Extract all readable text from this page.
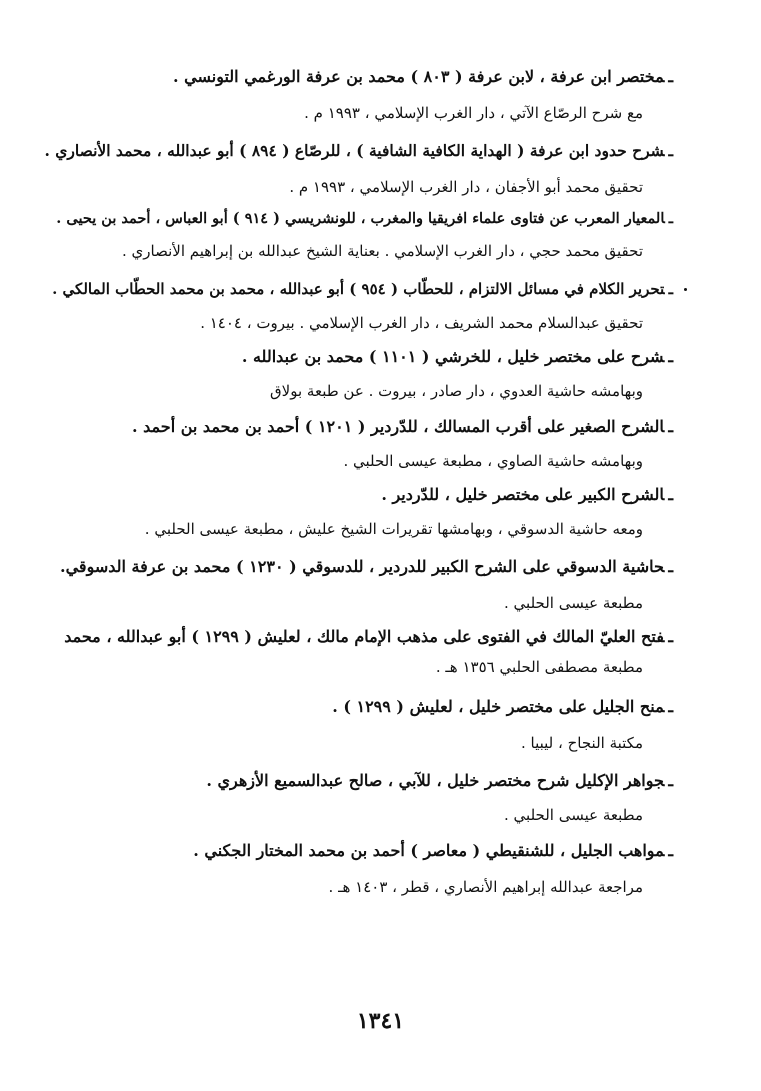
ـمختصر ابن عرفة ، لابن عرفة ( ٨٠٣ ) محمد بن عرفة الورغمي التونسي .
مع شرح الرصّاع الآتي ، دار الغرب الإسلامي ، ١٩٩٣ م .
ـشرح حدود ابن عرفة ( الهداية الكافية الشافية ) ، للرصّاع ( ٨٩٤ ) أبو عبدالله ، محمد الأنصاري .
تحقيق محمد أبو الأجفان ، دار الغرب الإسلامي ، ١٩٩٣ م .
ـالمعيار المعرب عن فتاوى علماء افريقيا والمغرب ، للونشريسي ( ٩١٤ ) أبو العباس ، أحمد بن يحيى .
تحقيق محمد حجي ، دار الغرب الإسلامي . بعناية الشيخ عبدالله بن إبراهيم الأنصاري .
ـتحرير الكلام في مسائل الالتزام ، للحطّاب ( ٩٥٤ ) أبو عبدالله ، محمد بن محمد الحطّاب المالكي .
تحقيق عبدالسلام محمد الشريف ، دار الغرب الإسلامي . بيروت ، ١٤٠٤ .
ـشرح على مختصر خليل ، للخرشي ( ١١٠١ ) محمد بن عبدالله .
وبهامشه حاشية العدوي ، دار صادر ، بيروت . عن طبعة بولاق
ـالشرح الصغير على أقرب المسالك ، للدّردير ( ١٢٠١ ) أحمد بن محمد بن أحمد .
وبهامشه حاشية الصاوي ، مطبعة عيسى الحلبي .
ـالشرح الكبير على مختصر خليل ، للدّردير .
ومعه حاشية الدسوقي ، وبهامشها تقريرات الشيخ عليش ، مطبعة عيسى الحلبي .
ـحاشية الدسوقي على الشرح الكبير للدردير ، للدسوقي ( ١٢٣٠ ) محمد بن عرفة الدسوقي.
مطبعة عيسى الحلبي .
ـفتح العليّ المالك في الفتوى على مذهب الإمام مالك ، لعليش ( ١٢٩٩ ) أبو عبدالله ، محمد
مطبعة مصطفى الحلبي ١٣٥٦ هـ .
ـمنح الجليل على مختصر خليل ، لعليش ( ١٢٩٩ ) .
مكتبة النجاح ، ليبيا .
ـجواهر الإكليل شرح مختصر خليل ، للآبي ، صالح عبدالسميع الأزهري .
مطبعة عيسى الحلبي .
ـمواهب الجليل ، للشنقيطي ( معاصر ) أحمد بن محمد المختار الجكني .
مراجعة عبدالله إبراهيم الأنصاري ، قطر ، ١٤٠٣ هـ .
١٣٤١
